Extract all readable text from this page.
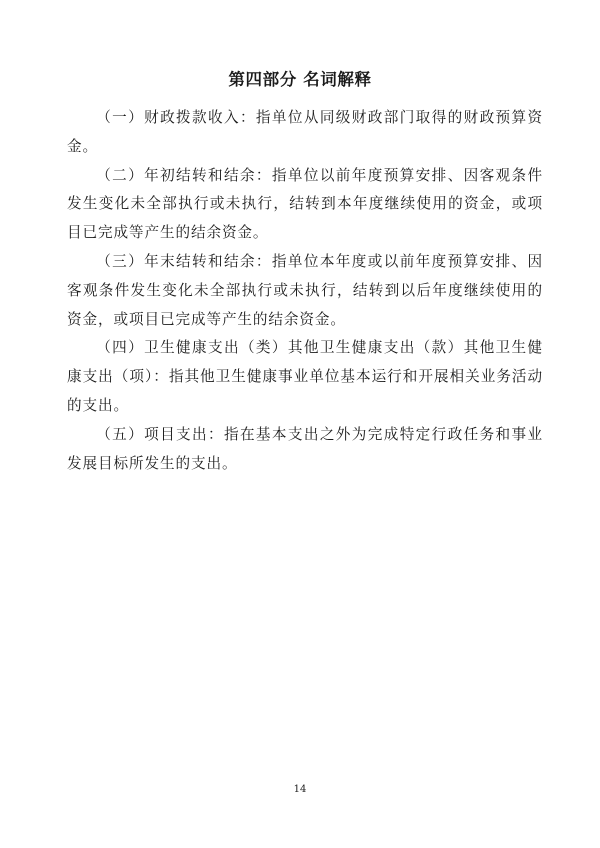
第四部分 名词解释

（一）财政拨款收入：指单位从同级财政部门取得的财政预算资金。

（二）年初结转和结余：指单位以前年度预算安排、因客观条件发生变化未全部执行或未执行，结转到本年度继续使用的资金，或项目已完成等产生的结余资金。

（三）年末结转和结余：指单位本年度或以前年度预算安排、因客观条件发生变化未全部执行或未执行，结转到以后年度继续使用的资金，或项目已完成等产生的结余资金。

（四）卫生健康支出（类）其他卫生健康支出（款）其他卫生健康支出（项）：指其他卫生健康事业单位基本运行和开展相关业务活动的支出。

（五）项目支出：指在基本支出之外为完成特定行政任务和事业发展目标所发生的支出。

14
